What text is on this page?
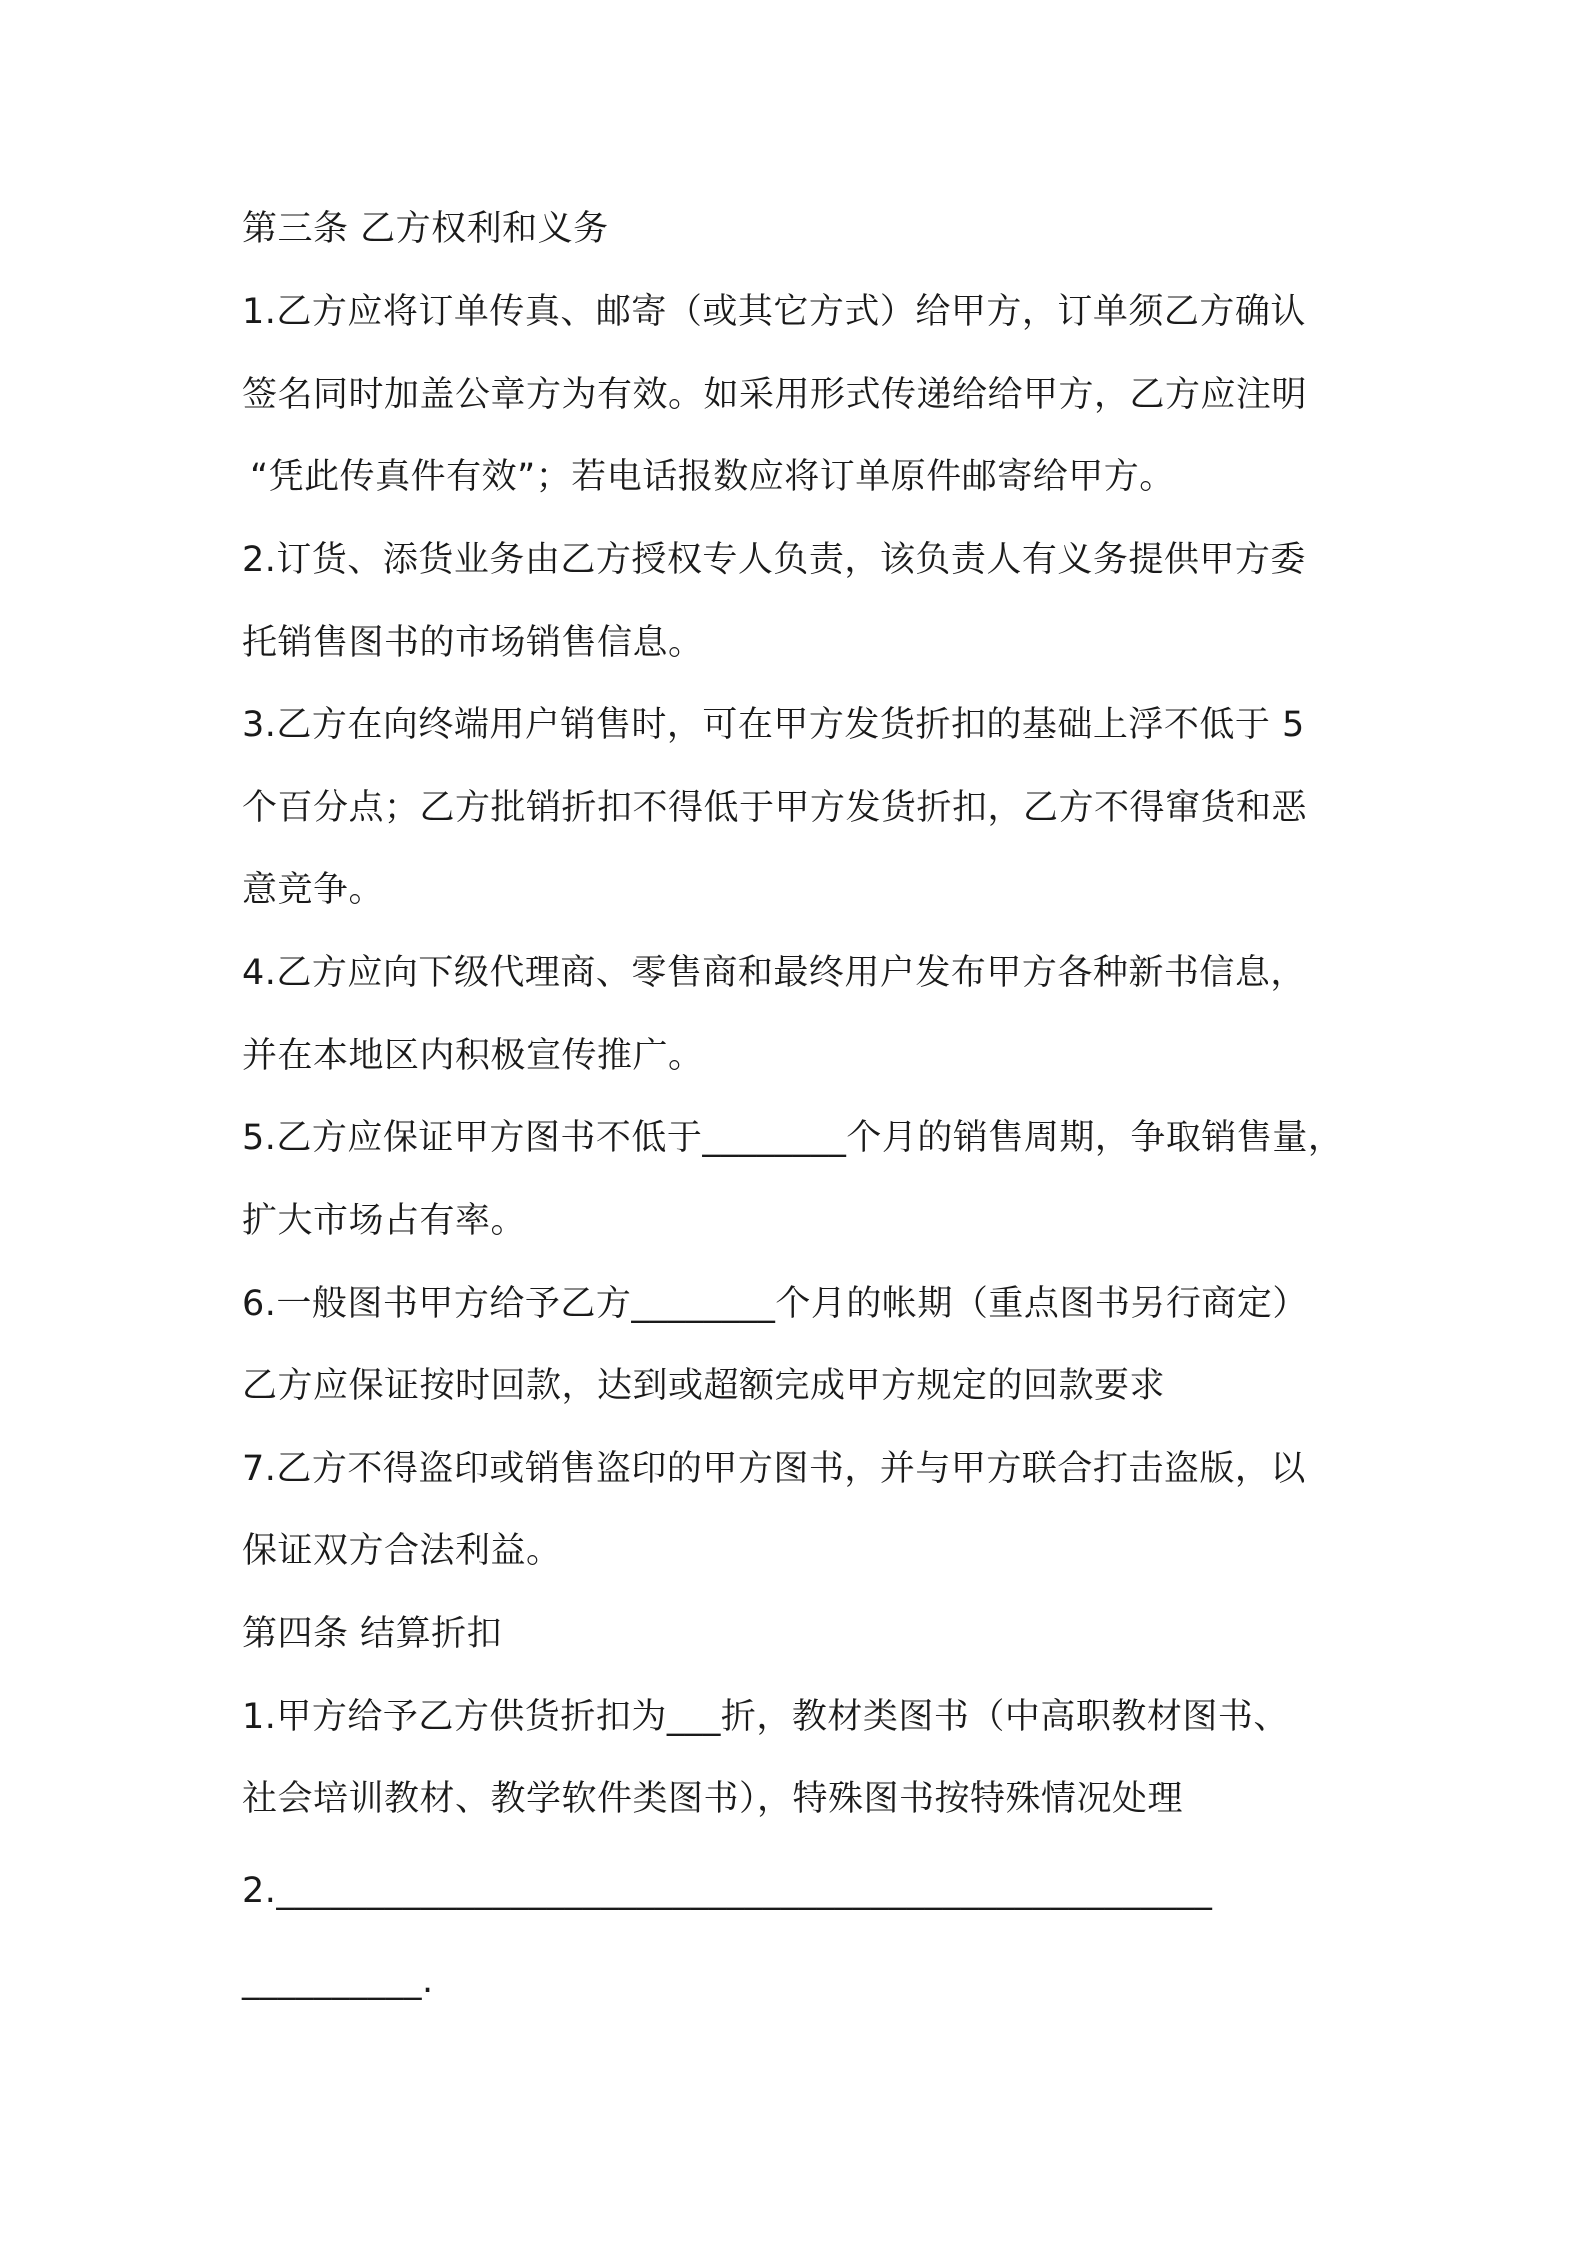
第三条 乙方权利和义务
1.乙方应将订单传真、邮寄（或其它方式）给甲方，订单须乙方确认
签名同时加盖公章方为有效。如采用形式传递给给甲方，乙方应注明
“凭此传真件有效”；若电话报数应将订单原件邮寄给甲方。
2.订货、添货业务由乙方授权专人负责，该负责人有义务提供甲方委
托销售图书的市场销售信息。
3.乙方在向终端用户销售时，可在甲方发货折扣的基础上浮不低于 5
个百分点；乙方批销折扣不得低于甲方发货折扣，乙方不得窜货和恶
意竞争。
4.乙方应向下级代理商、零售商和最终用户发布甲方各种新书信息，
并在本地区内积极宣传推广。
5.乙方应保证甲方图书不低于________个月的销售周期，争取销售量，
扩大市场占有率。
6.一般图书甲方给予乙方________个月的帐期（重点图书另行商定）
乙方应保证按时回款，达到或超额完成甲方规定的回款要求
7.乙方不得盗印或销售盗印的甲方图书，并与甲方联合打击盗版，以
保证双方合法利益。
第四条 结算折扣
1.甲方给予乙方供货折扣为___折，教材类图书（中高职教材图书、
社会培训教材、教学软件类图书），特殊图书按特殊情况处理
2.____________________________________________________
__________.
